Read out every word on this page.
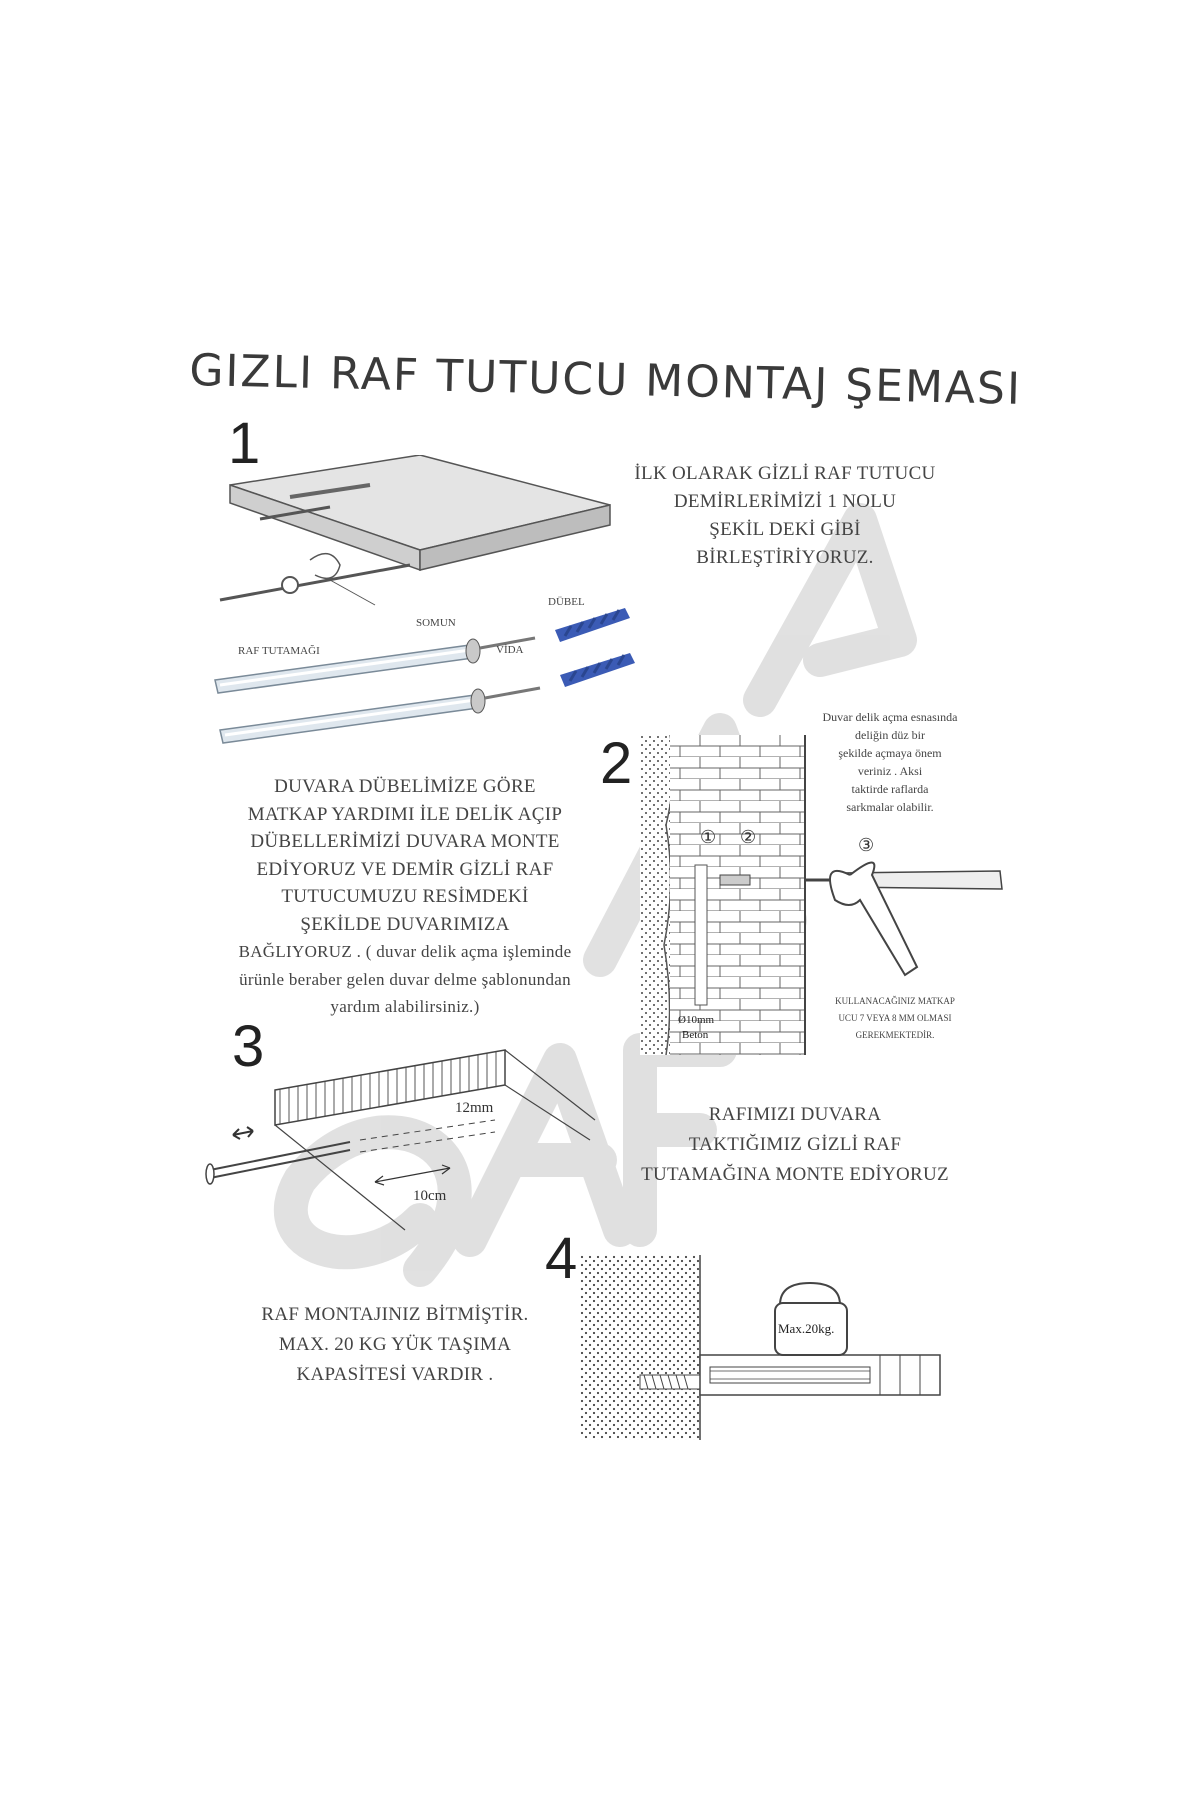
GIZLI RAF TUTUCU MONTAJ ŞEMASI
1	İLK OLARAK GİZLİ RAF TUTUCU
DEMİRLERİMİZİ 1 NOLU
ŞEKİL DEKİ GİBİ
BİRLEŞTİRİYORUZ.
DÜBEL
SOMUN
VİDA
RAF TUTAMAĞI
2
DUVARA DÜBELİMİZE GÖRE
MATKAP YARDIMI İLE DELİK AÇIP
DÜBELLERİMİZİ DUVARA MONTE
EDİYORUZ VE DEMİR GİZLİ RAF
TUTUCUMUZU RESİMDEKİ
ŞEKİLDE DUVARIMIZA
BAĞLIYORUZ . ( duvar delik açma işleminde
ürünle beraber gelen duvar delme şablonundan
yardım alabilirsiniz.)
① ②	③
Ø10mm
Beton
Duvar delik açma esnasında
deliğin düz bir
şekilde açmaya önem
veriniz . Aksi
taktirde raflarda
sarkmalar olabilir.
KULLANACAĞINIZ MATKAP
UCU 7 VEYA 8 MM OLMASI
GEREKMEKTEDİR.
3
12mm
10cm
RAFIMIZI DUVARA
TAKTIĞIMIZ GİZLİ RAF
TUTAMAĞINA MONTE EDİYORUZ
4
RAF MONTAJINIZ BİTMİŞTİR.
MAX. 20 KG YÜK TAŞIMA
KAPASİTESİ VARDIR .
Max.20kg.
